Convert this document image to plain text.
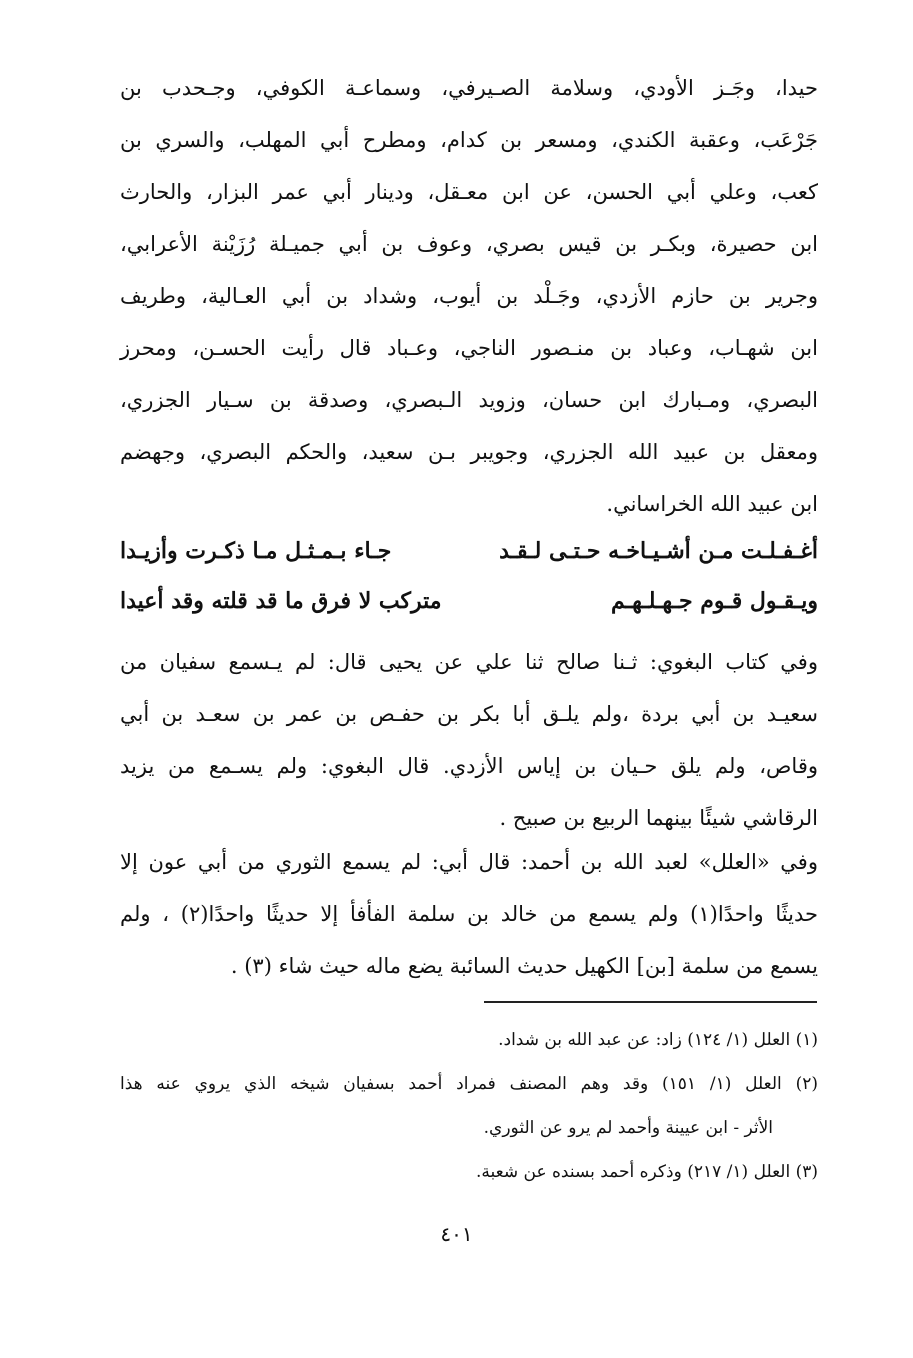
حيدا، وجَـز الأودي، وسلامة الصـيرفي، وسماعـة الكوفي، وجـحدب بن
جَرْعَب، وعقبة الكندي، ومسعر بن كدام، ومطرح أبي المهلب، والسري بن
كعب، وعلي أبي الحسن، عن ابن معـقل، ودينار أبي عمر البزار، والحارث
ابن حصيرة، وبكـر بن قيس بصري، وعوف بن أبي جميـلة رُزَيْنة الأعرابي،
وجرير بن حازم الأزدي، وجَـلْد بن أيوب، وشداد بن أبي العـالية، وطريف
ابن شهـاب، وعباد بن منـصور الناجي، وعـباد قال رأيت الحسـن، ومحرز
البصري، ومـبارك ابن حسان، وزويد الـبصري، وصدقة بن سـيار الجزري،
ومعقل بن عبيد الله الجزري، وجويبر بـن سعيد، والحكم البصري، وجهضم
ابن عبيد الله الخراساني.
أغـفـلـت مـن أشـيـاخـه حـتـى لـقـد
جـاء بـمـثـل مـا ذكـرت وأزيـدا
ويـقـول قـوم جـهـلـهـم
متركب لا فرق ما قد قلته وقد أعيدا
وفي كتاب البغوي: ثـنا صالح ثنا علي عن يحيى قال: لم يـسمع سفيان من
سعيـد بن أبي بردة ،ولم يلـق أبا بكر بن حفـص بن عمر بن سعـد بن أبي
وقاص، ولم يلق حـيان بن إياس الأزدي. قال البغوي: ولم يسـمع من يزيد
الرقاشي شيئًا بينهما الربيع بن صبيح .
وفي «العلل» لعبد الله بن أحمد: قال أبي: لم يسمع الثوري من أبي عون إلا
حديثًا واحدًا(١) ولم يسمع من خالد بن سلمة الفأفأ إلا حديثًا واحدًا(٢) ، ولم
يسمع من سلمة [بن] الكهيل حديث السائبة يضع ماله حيث شاء (٣) .
(١) العلل (١/ ١٢٤) زاد: عن عبد الله بن شداد.
(٢) العلل (١/ ١٥١) وقد وهم المصنف فمراد أحمد بسفيان شيخه الذي يروي عنه هذا
الأثر - ابن عيينة وأحمد لم يرو عن الثوري.
(٣) العلل (١/ ٢١٧) وذكره أحمد بسنده عن شعبة.
٤٠١
